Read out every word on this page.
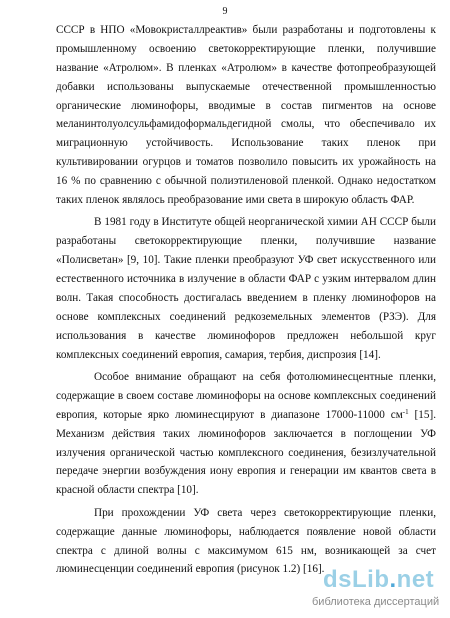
9
СССР в НПО «Мовокристаллреактив» были разработаны и подготовлены к
промышленному освоению светокорректирующие пленки, получившие
название «Атролюм». В пленках «Атролюм» в качестве фотопреобразующей
добавки использованы выпускаемые отечественной промышленностью
органические люминофоры, вводимые в состав пигментов на основе
меланинтолуолсульфамидоформальдегидной смолы, что обеспечивало их
миграционную устойчивость. Использование таких пленок при
культивировании огурцов и томатов позволило повысить их урожайность на
16 % по сравнению с обычной полиэтиленовой пленкой. Однако недостатком
таких пленок являлось преобразование ими света в широкую область ФАР.
В 1981 году в Институте общей неорганической химии АН СССР были
разработаны светокорректирующие пленки, получившие название
«Полисветан» [9, 10]. Такие пленки преобразуют УФ свет искусственного или
естественного источника в излучение в области ФАР с узким интервалом длин
волн. Такая способность достигалась введением в пленку люминофоров на
основе комплексных соединений редкоземельных элементов (РЗЭ). Для
использования в качестве люминофоров предложен небольшой круг
комплексных соединений европия, самария, тербия, диспрозия [14].
Особое внимание обращают на себя фотолюминесцентные пленки,
содержащие в своем составе люминофоры на основе комплексных соединений
европия, которые ярко люминесцируют в диапазоне 17000-11000 $см^{-1}$ [15].
Механизм действия таких люминофоров заключается в поглощении УФ
излучения органической частью комплексного соединения, безизлучательной
передаче энергии возбуждения иону европия и генерации им квантов света в
красной области спектра [10].
При прохождении УФ света через светокорректирующие пленки,
содержащие данные люминофоры, наблюдается появление новой области
спектра с длиной волны с максимумом 615 нм, возникающей за счет
люминесценции соединений европия (рисунок 1.2) [16].
dsLib.net
библиотека диссертаций
